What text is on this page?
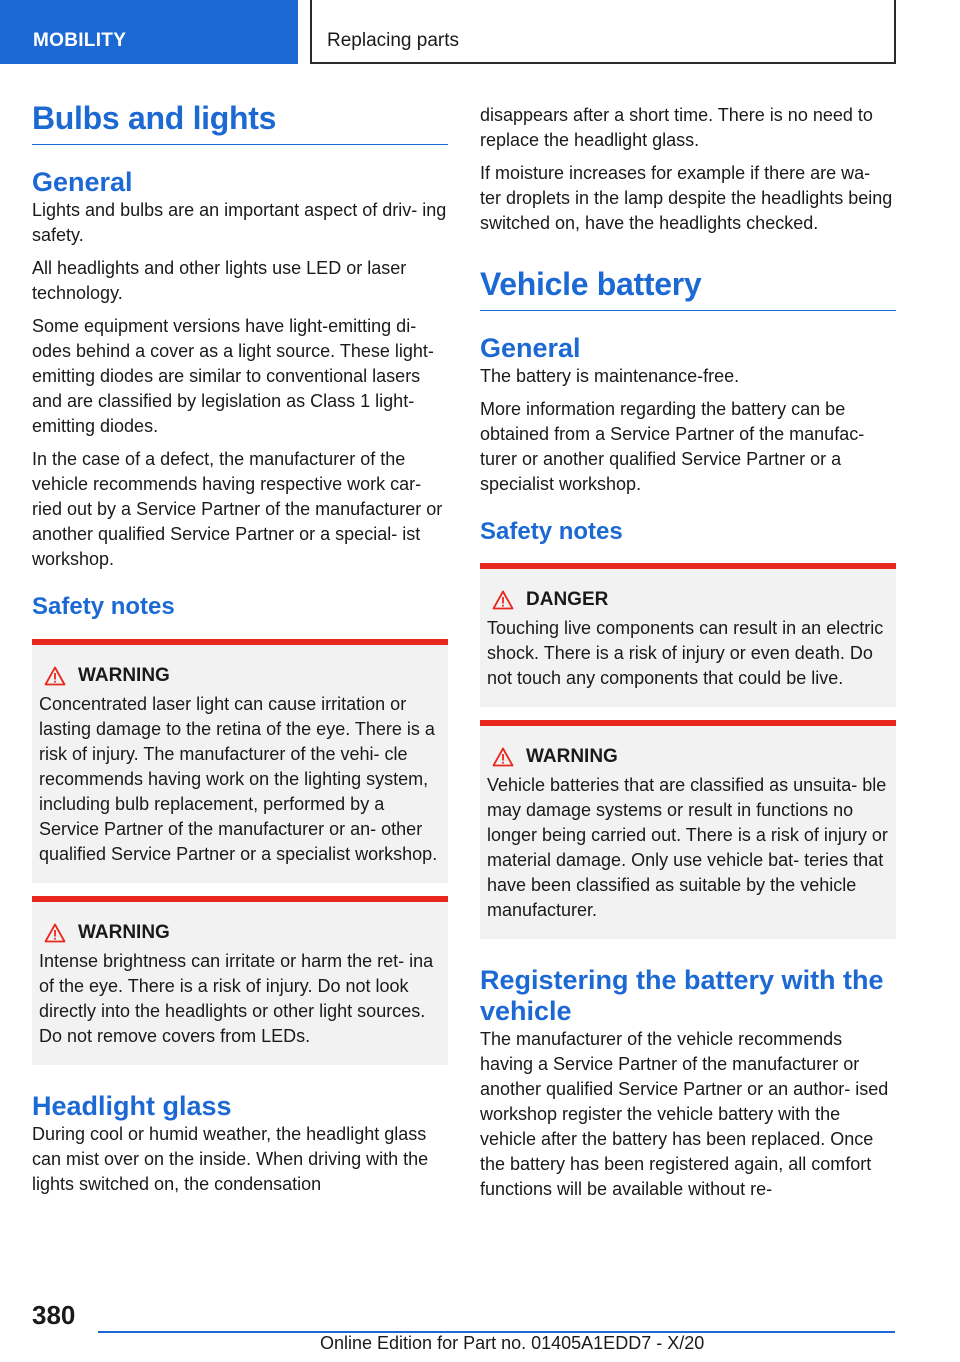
MOBILITY	Replacing parts
Bulbs and lights
General

Lights and bulbs are an important aspect of driv‐ ing safety.

All headlights and other lights use LED or laser technology.

Some equipment versions have light-emitting di‐ odes behind a cover as a light source. These light-emitting diodes are similar to conventional lasers and are classified by legislation as Class 1 light-emitting diodes.

In the case of a defect, the manufacturer of the vehicle recommends having respective work car‐ ried out by a Service Partner of the manufacturer or another qualified Service Partner or a special‐ ist workshop.

Safety notes
WARNING

Concentrated laser light can cause irritation or lasting damage to the retina of the eye. There is a risk of injury. The manufacturer of the vehi‐ cle recommends having work on the lighting system, including bulb replacement, performed by a Service Partner of the manufacturer or an‐ other qualified Service Partner or a specialist workshop.

WARNING

Intense brightness can irritate or harm the ret‐ ina of the eye. There is a risk of injury. Do not look directly into the headlights or other light sources. Do not remove covers from LEDs.

Headlight glass

During cool or humid weather, the headlight glass can mist over on the inside. When driving with the lights switched on, the condensation

disappears after a short time. There is no need to replace the headlight glass.

If moisture increases for example if there are wa‐ ter droplets in the lamp despite the headlights being switched on, have the headlights checked.

Vehicle battery
General

The battery is maintenance-free.

More information regarding the battery can be obtained from a Service Partner of the manufac‐ turer or another qualified Service Partner or a specialist workshop.

Safety notes
DANGER

Touching live components can result in an electric shock. There is a risk of injury or even death. Do not touch any components that could be live.

WARNING

Vehicle batteries that are classified as unsuita‐ ble may damage systems or result in functions no longer being carried out. There is a risk of injury or material damage. Only use vehicle bat‐ teries that have been classified as suitable by the vehicle manufacturer.

Registering the battery with the vehicle

The manufacturer of the vehicle recommends having a Service Partner of the manufacturer or another qualified Service Partner or an author‐ ised workshop register the vehicle battery with the vehicle after the battery has been replaced. Once the battery has been registered again, all comfort functions will be available without re‐

380
Online Edition for Part no. 01405A1EDD7 - X/20
